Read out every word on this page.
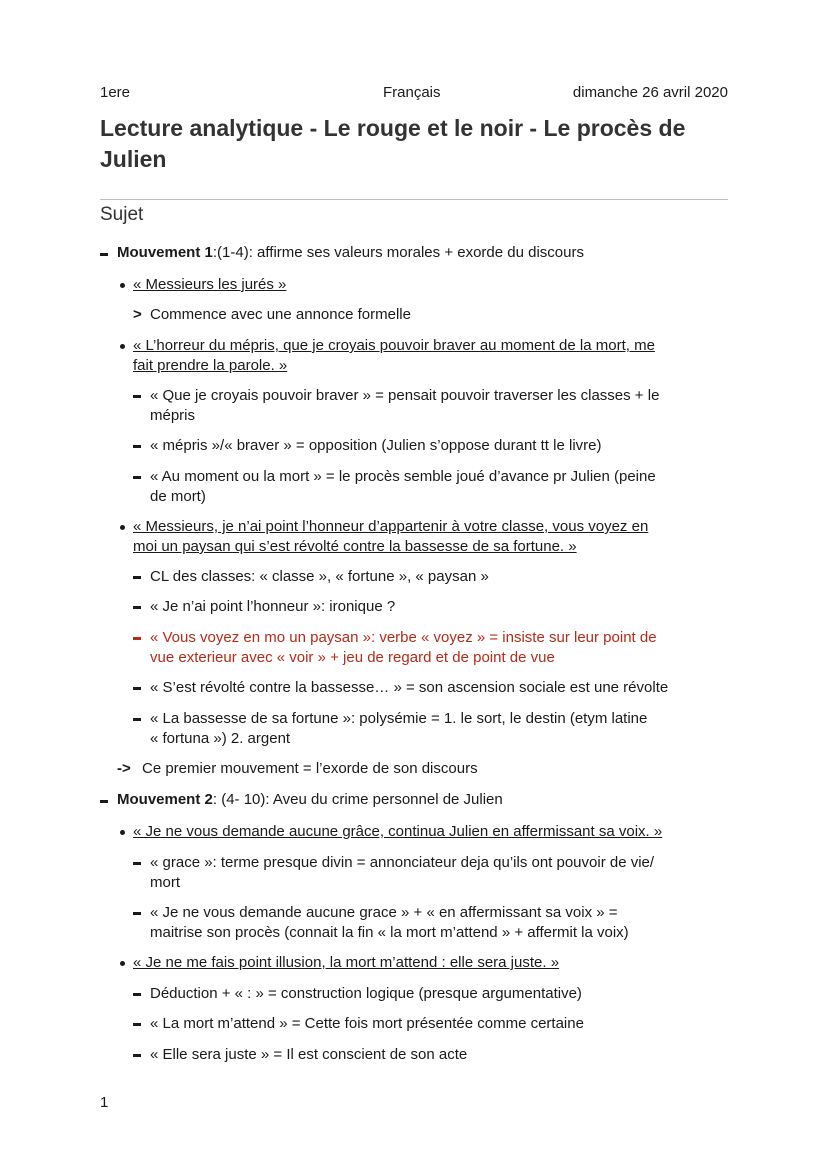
1ere	Français	dimanche 26 avril 2020
Lecture analytique - Le rouge et le noir - Le procès de Julien
Sujet
Mouvement 1:(1-4): affirme ses valeurs morales + exorde du discours
« Messieurs les jurés »
> Commence avec une annonce formelle
« L’horreur du mépris, que je croyais pouvoir braver au moment de la mort, me
fait prendre la parole. »
« Que je croyais pouvoir braver » = pensait pouvoir traverser les classes + le
mépris
« mépris »/« braver » = opposition (Julien s’oppose durant tt le livre)
« Au moment ou la mort » = le procès semble joué d’avance pr Julien (peine
de mort)
« Messieurs, je n’ai point l’honneur d’appartenir à votre classe, vous voyez en
moi un paysan qui s’est révolté contre la bassesse de sa fortune. »
CL des classes: « classe », « fortune », « paysan »
« Je n’ai point l’honneur »: ironique ?
« Vous voyez en mo un paysan »: verbe « voyez » = insiste sur leur point de
vue exterieur avec « voir » + jeu de regard et de point de vue
« S’est révolté contre la bassesse… » = son ascension sociale est une révolte
« La bassesse de sa fortune »: polysémie = 1. le sort, le destin (etym latine
« fortuna ») 2. argent
-> Ce premier mouvement = l’exorde de son discours
Mouvement 2: (4- 10): Aveu du crime personnel de Julien
« Je ne vous demande aucune grâce, continua Julien en affermissant sa voix. »
« grace »: terme presque divin = annonciateur deja qu’ils ont pouvoir de vie/
mort
« Je ne vous demande aucune grace » + « en affermissant sa voix » =
maitrise son procès (connait la fin « la mort m’attend » + affermit la voix)
« Je ne me fais point illusion, la mort m’attend : elle sera juste. »
Déduction + « : » = construction logique (presque argumentative)
« La mort m’attend » = Cette fois mort présentée comme certaine
« Elle sera juste » = Il est conscient de son acte
1
